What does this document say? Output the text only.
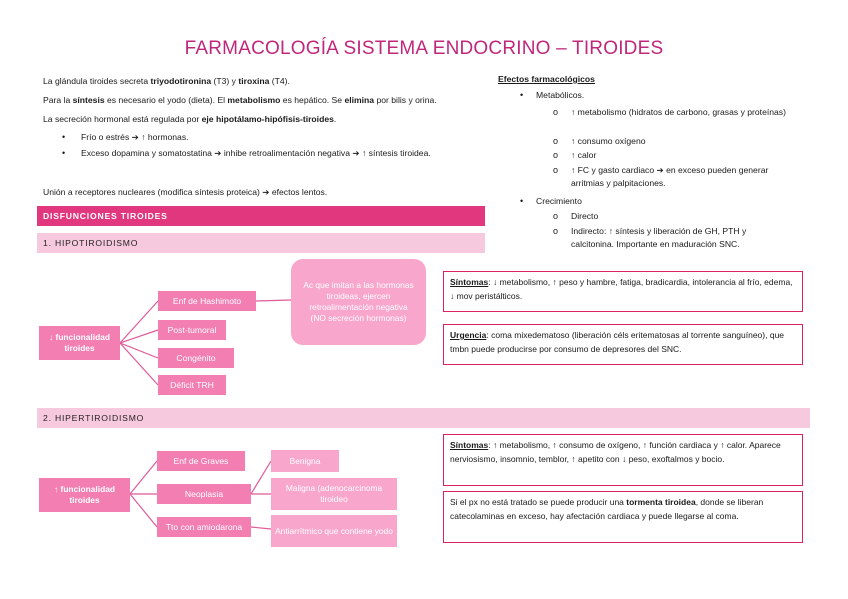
FARMACOLOGÍA SISTEMA ENDOCRINO – TIROIDES
La glándula tiroides secreta triyodotironina (T3) y tiroxina (T4).
Para la síntesis es necesario el yodo (dieta). El metabolismo es hepático. Se elimina por bilis y orina.
La secreción hormonal está regulada por eje hipotálamo-hipófisis-tiroides.
• Frío o estrés ➔ ↑ hormonas.
• Exceso dopamina y somatostatina ➔ inhibe retroalimentación negativa ➔ ↑ síntesis tiroidea.
Unión a receptores nucleares (modifica síntesis proteica) ➔ efectos lentos.
Efectos farmacológicos
• Metabólicos.
o ↑ metabolismo (hidratos de carbono, grasas y proteínas)
o ↑ consumo oxígeno
o ↑ calor
o ↑ FC y gasto cardiaco ➔ en exceso pueden generar arritmias y palpitaciones.
• Crecimiento
o Directo
o Indirecto: ↑ síntesis y liberación de GH, PTH y calcitonina. Importante en maduración SNC.
DISFUNCIONES TIROIDES
1. HIPOTIROIDISMO
2. HIPERTIROIDISMO
↓ funcionalidad tiroides
Enf de Hashimoto
Post-tumoral
Congénito
Déficit TRH
Ac que imitan a las hormonas tiroideas, ejercen retroalimentación negativa (NO secreción hormonas)
Síntomas: ↓ metabolismo, ↑ peso y hambre, fatiga, bradicardia, intolerancia al frío, edema, ↓ mov peristálticos.
Urgencia: coma mixedematoso (liberación céls eritematosas al torrente sanguíneo), que tmbn puede producirse por consumo de depresores del SNC.
↑ funcionalidad tiroides
Enf de Graves
Neoplasia
Tto con amiodarona
Benigna
Maligna (adenocarcinoma tiroideo
Antiarrítmico que contiene yodo
Síntomas: ↑ metabolismo, ↑ consumo de oxígeno, ↑ función cardiaca y ↑ calor. Aparece nerviosismo, insomnio, temblor, ↑ apetito con ↓ peso, exoftalmos y bocio.
Si el px no está tratado se puede producir una tormenta tiroidea, donde se liberan catecolaminas en exceso, hay afectación cardiaca y puede llegarse al coma.
